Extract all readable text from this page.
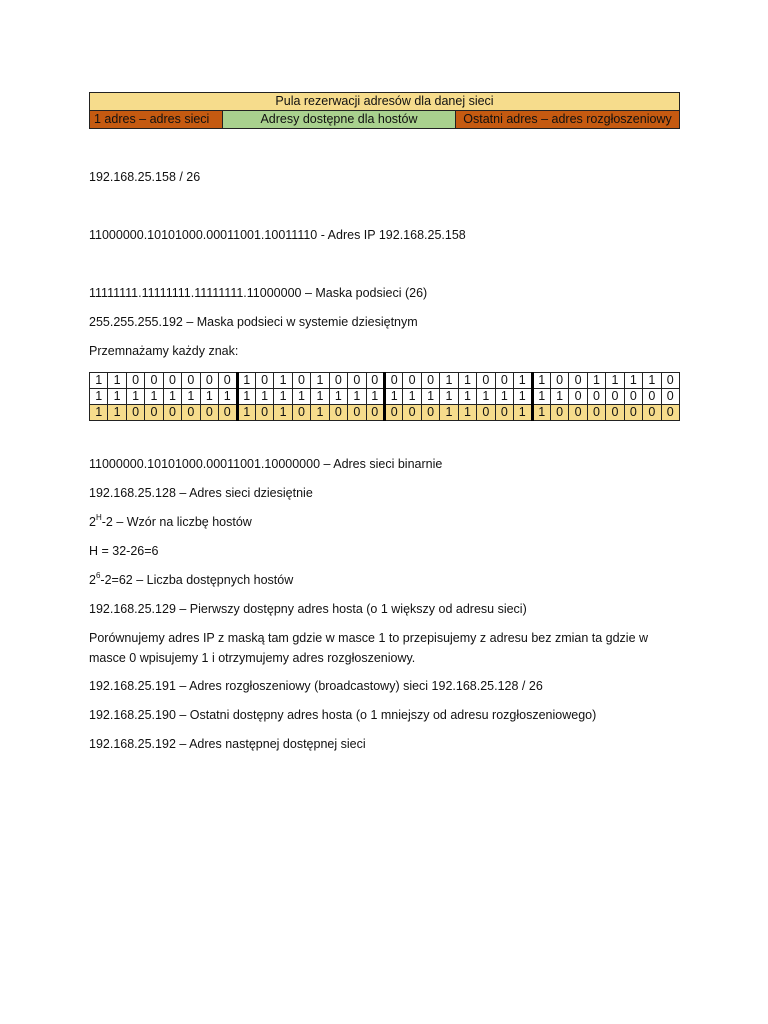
Pula rezerwacji adresów dla danej sieci
1 adres – adres sieci	Adresy dostępne dla hostów	Ostatni adres – adres rozgłoszeniowy
192.168.25.158 / 26
11000000.10101000.00011001.10011110 - Adres IP 192.168.25.158
11111111.11111111.11111111.11000000 – Maska podsieci (26)
255.255.255.192 – Maska podsieci w systemie dziesiętnym
Przemnażamy każdy znak:
1	1	0	0	0	0	0	0	1	0	1	0	1	0	0	0	0	0	0	1	1	0	0	1	1	0	0	1	1	1	1	0
1	1	1	1	1	1	1	1	1	1	1	1	1	1	1	1	1	1	1	1	1	1	1	1	1	1	0	0	0	0	0	0
1	1	0	0	0	0	0	0	1	0	1	0	1	0	0	0	0	0	0	1	1	0	0	1	1	0	0	0	0	0	0	0
11000000.10101000.00011001.10000000 – Adres sieci binarnie
192.168.25.128 – Adres sieci dziesiętnie
$2^H-2$ – Wzór na liczbę hostów
H = 32-26=6
$2^6-2=62$ – Liczba dostępnych hostów
192.168.25.129 – Pierwszy dostępny adres hosta (o 1 większy od adresu sieci)
Porównujemy adres IP z maską tam gdzie w masce 1 to przepisujemy z adresu bez zmian ta gdzie w masce 0 wpisujemy 1 i otrzymujemy adres rozgłoszeniowy.
192.168.25.191 – Adres rozgłoszeniowy (broadcastowy) sieci 192.168.25.128 / 26
192.168.25.190 – Ostatni dostępny adres hosta (o 1 mniejszy od adresu rozgłoszeniowego)
192.168.25.192 – Adres następnej dostępnej sieci
